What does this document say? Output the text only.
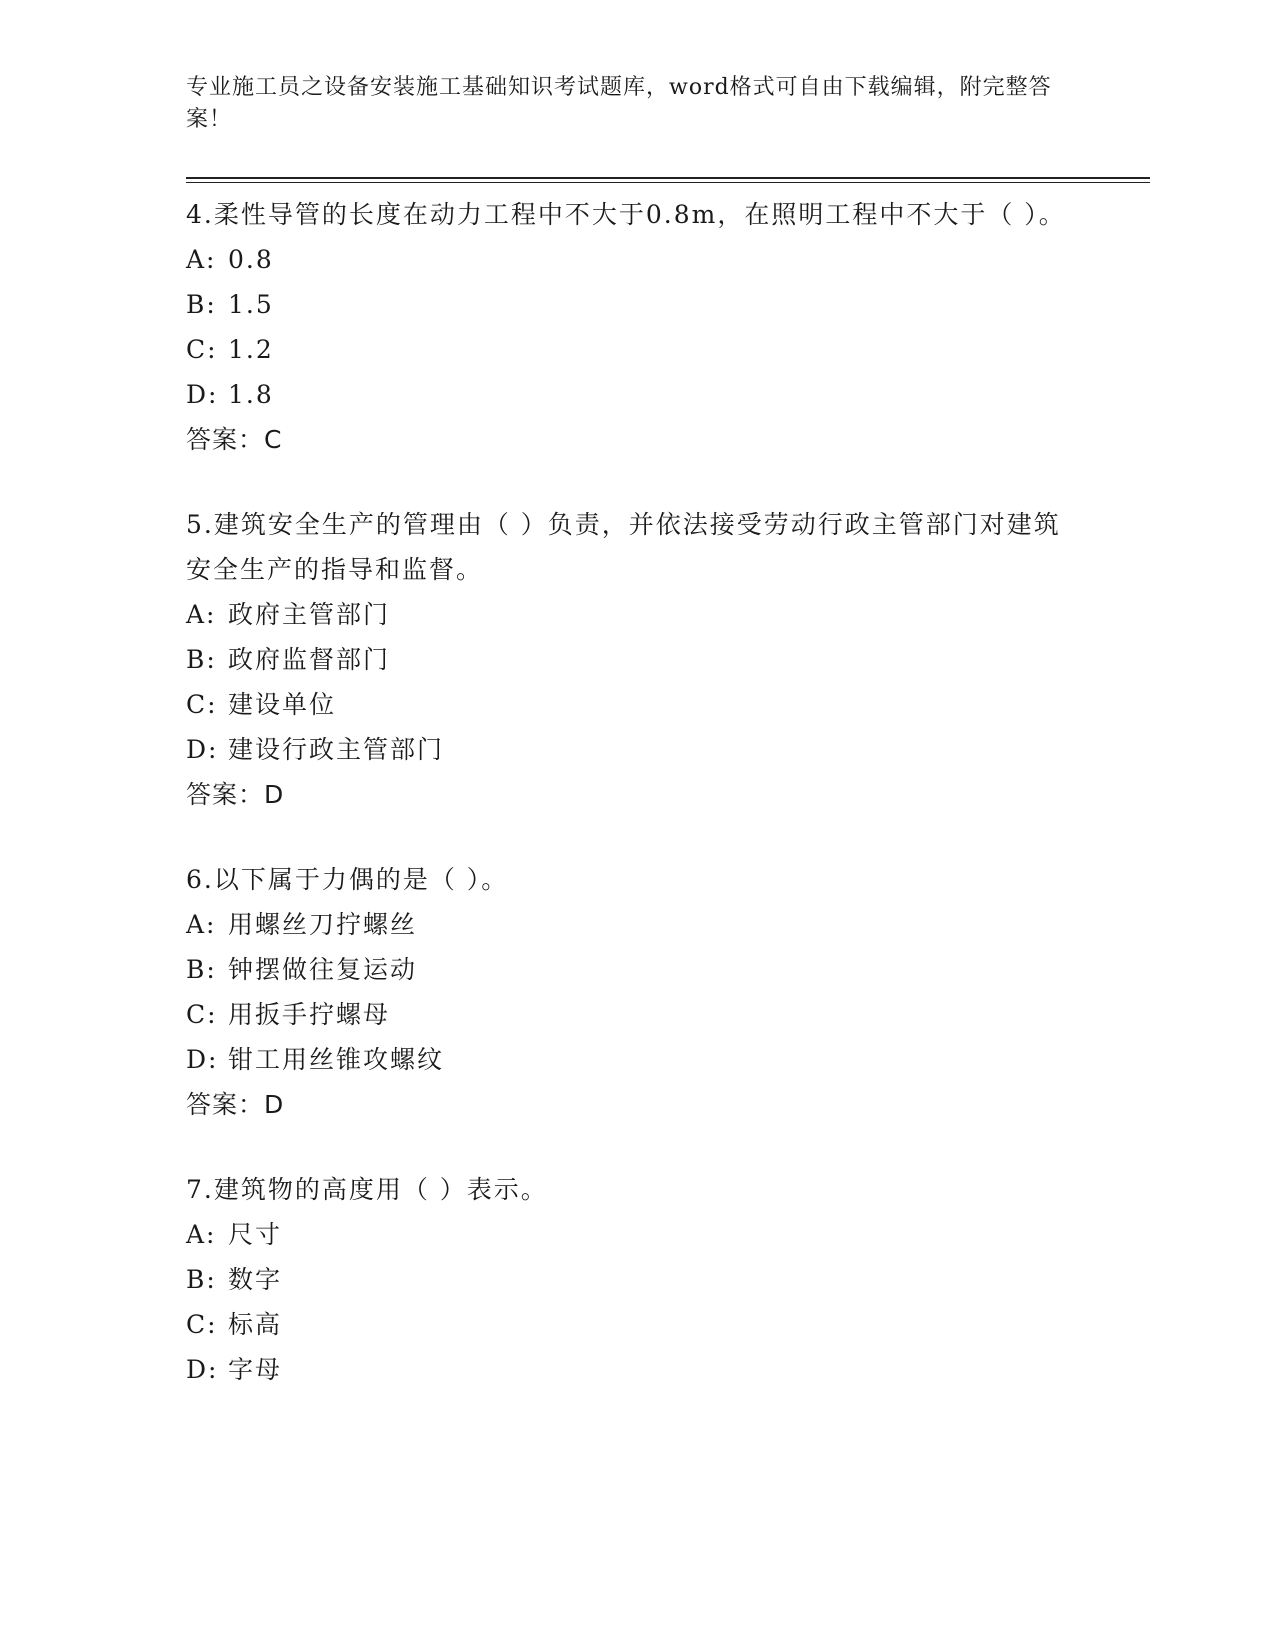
专业施工员之设备安装施工基础知识考试题库，word格式可自由下载编辑，附完整答案！

4.柔性导管的长度在动力工程中不大于0.8m，在照明工程中不大于（ ）。

A: 0.8
B: 1.5
C: 1.2
D: 1.8

答案：C

5.建筑安全生产的管理由（ ）负责，并依法接受劳动行政主管部门对建筑安全生产的指导和监督。

A: 政府主管部门
B: 政府监督部门
C: 建设单位
D: 建设行政主管部门

答案：D

6.以下属于力偶的是（ ）。

A: 用螺丝刀拧螺丝
B: 钟摆做往复运动
C: 用扳手拧螺母
D: 钳工用丝锥攻螺纹

答案：D

7.建筑物的高度用（ ）表示。

A: 尺寸
B: 数字
C: 标高
D: 字母
